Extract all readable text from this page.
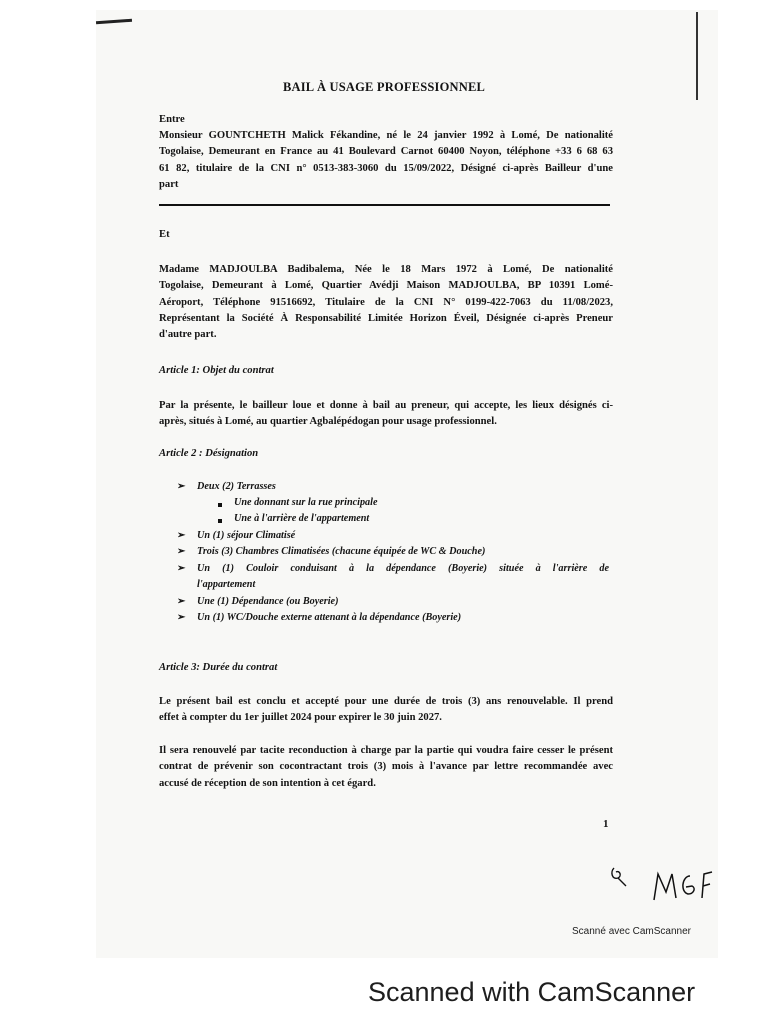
BAIL À USAGE PROFESSIONNEL
Entre
Monsieur GOUNTCHETH Malick Fékandine, né le 24 janvier 1992 à Lomé, De nationalité
Togolaise, Demeurant en France au 41 Boulevard Carnot 60400 Noyon, téléphone +33 6 68 63
61 82, titulaire de la CNI n° 0513-383-3060 du 15/09/2022, Désigné ci-après Bailleur d'une
part
Et
Madame MADJOULBA Badibalema, Née le 18 Mars 1972 à Lomé, De nationalité
Togolaise, Demeurant à Lomé, Quartier Avédji Maison MADJOULBA, BP 10391 Lomé-
Aéroport, Téléphone 91516692, Titulaire de la CNI N° 0199-422-7063 du 11/08/2023,
Représentant la Société À Responsabilité Limitée Horizon Éveil, Désignée ci-après Preneur
d'autre part.
Article 1: Objet du contrat
Par la présente, le bailleur loue et donne à bail au preneur, qui accepte, les lieux désignés ci-
après, situés à Lomé, au quartier Agbalépédogan pour usage professionnel.
Article 2 : Désignation
➢ Deux (2) Terrasses
Une donnant sur la rue principale
Une à l'arrière de l'appartement
➢ Un (1) séjour Climatisé
➢ Trois (3) Chambres Climatisées (chacune équipée de WC & Douche)
➢ Un (1) Couloir conduisant à la dépendance (Boyerie) située à l'arrière de
l'appartement
➢ Une (1) Dépendance (ou Boyerie)
➢ Un (1) WC/Douche externe attenant à la dépendance (Boyerie)
Article 3: Durée du contrat
Le présent bail est conclu et accepté pour une durée de trois (3) ans renouvelable. Il prend
effet à compter du 1er juillet 2024 pour expirer le 30 juin 2027.
Il sera renouvelé par tacite reconduction à charge par la partie qui voudra faire cesser le présent
contrat de prévenir son cocontractant trois (3) mois à l'avance par lettre recommandée avec
accusé de réception de son intention à cet égard.
1
Scanné avec CamScanner
Scanned with CamScanner
